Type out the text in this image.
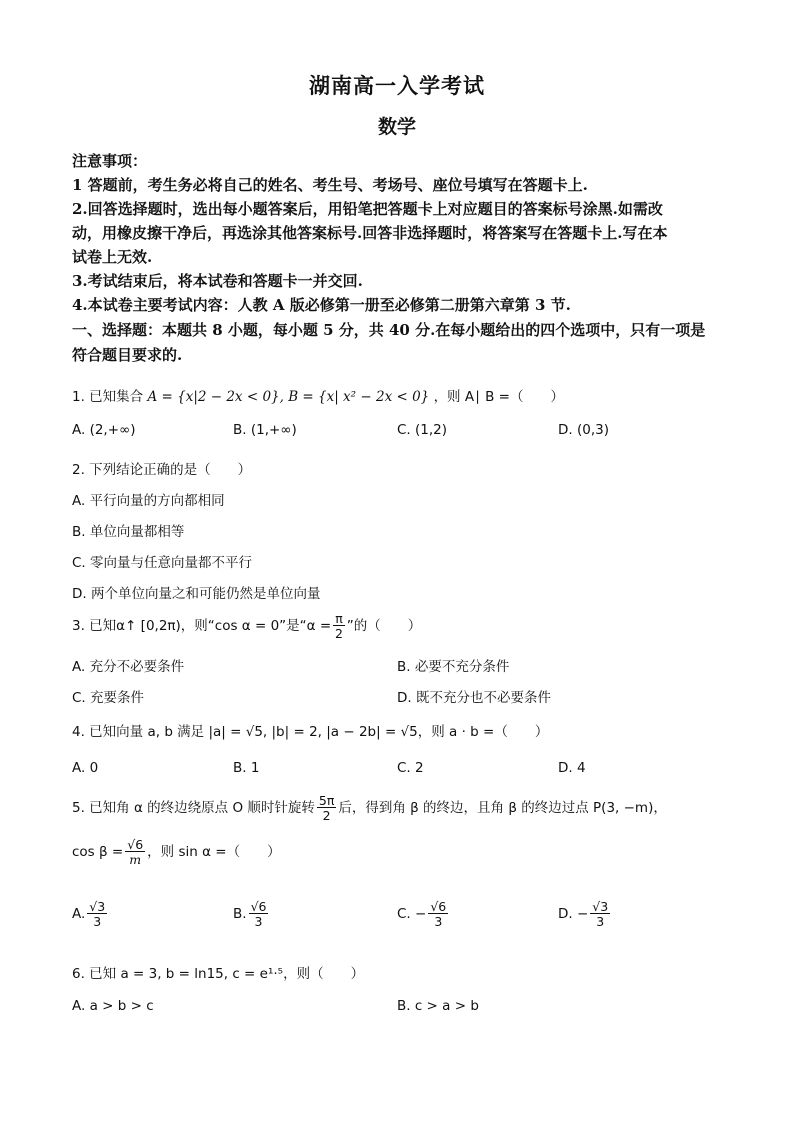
湖南高一入学考试
数学
注意事项：
1 答题前，考生务必将自己的姓名、考生号、考场号、座位号填写在答题卡上.
2.回答选择题时，选出每小题答案后，用铅笔把答题卡上对应题目的答案标号涂黑.如需改
动，用橡皮擦干净后，再选涂其他答案标号.回答非选择题时，将答案写在答题卡上.写在本
试卷上无效.
3.考试结束后，将本试卷和答题卡一并交回.
4.本试卷主要考试内容：人教 A 版必修第一册至必修第二册第六章第 3 节.
一、选择题：本题共 8 小题，每小题 5 分，共 40 分.在每小题给出的四个选项中，只有一项是
符合题目要求的.
1. 已知集合 A = {x|2 − 2x < 0}, B = {x| x² − 2x < 0} ，则 A∣ B =（　　）
A. (2,+∞)	B. (1,+∞)	C. (1,2)	D. (0,3)
2. 下列结论正确的是（　　）
A. 平行向量的方向都相同
B. 单位向量都相等
C. 零向量与任意向量都不平行
D. 两个单位向量之和可能仍然是单位向量
3. 已知α↑ [0,2π)，则“cos α = 0”是“$\alpha = \frac{\pi}{2}$ ”的（　　）
A. 充分不必要条件	B. 必要不充分条件
C. 充要条件	D. 既不充分也不必要条件
4. 已知向量 a, b 满足 |a| = √5, |b| = 2, |a − 2b| = √5，则 a · b =（　　）
A. 0	B. 1	C. 2	D. 4
5. 已知角 α 的终边绕原点 O 顺时针旋转 $\frac{5\pi}{2}$ 后，得到角 β 的终边，且角 β 的终边过点 P(3, −m)，
$\cos \beta = \frac{√6}{m}$ ，则 sin α =（　　）
A. $\frac{√3}{3}$	B. $\frac{√6}{3}$	C. − $\frac{√6}{3}$	D. − $\frac{√3}{3}$
6. 已知 a = 3, b = ln15, c = e¹·⁵，则（　　）
A. a > b > c	B. c > a > b
